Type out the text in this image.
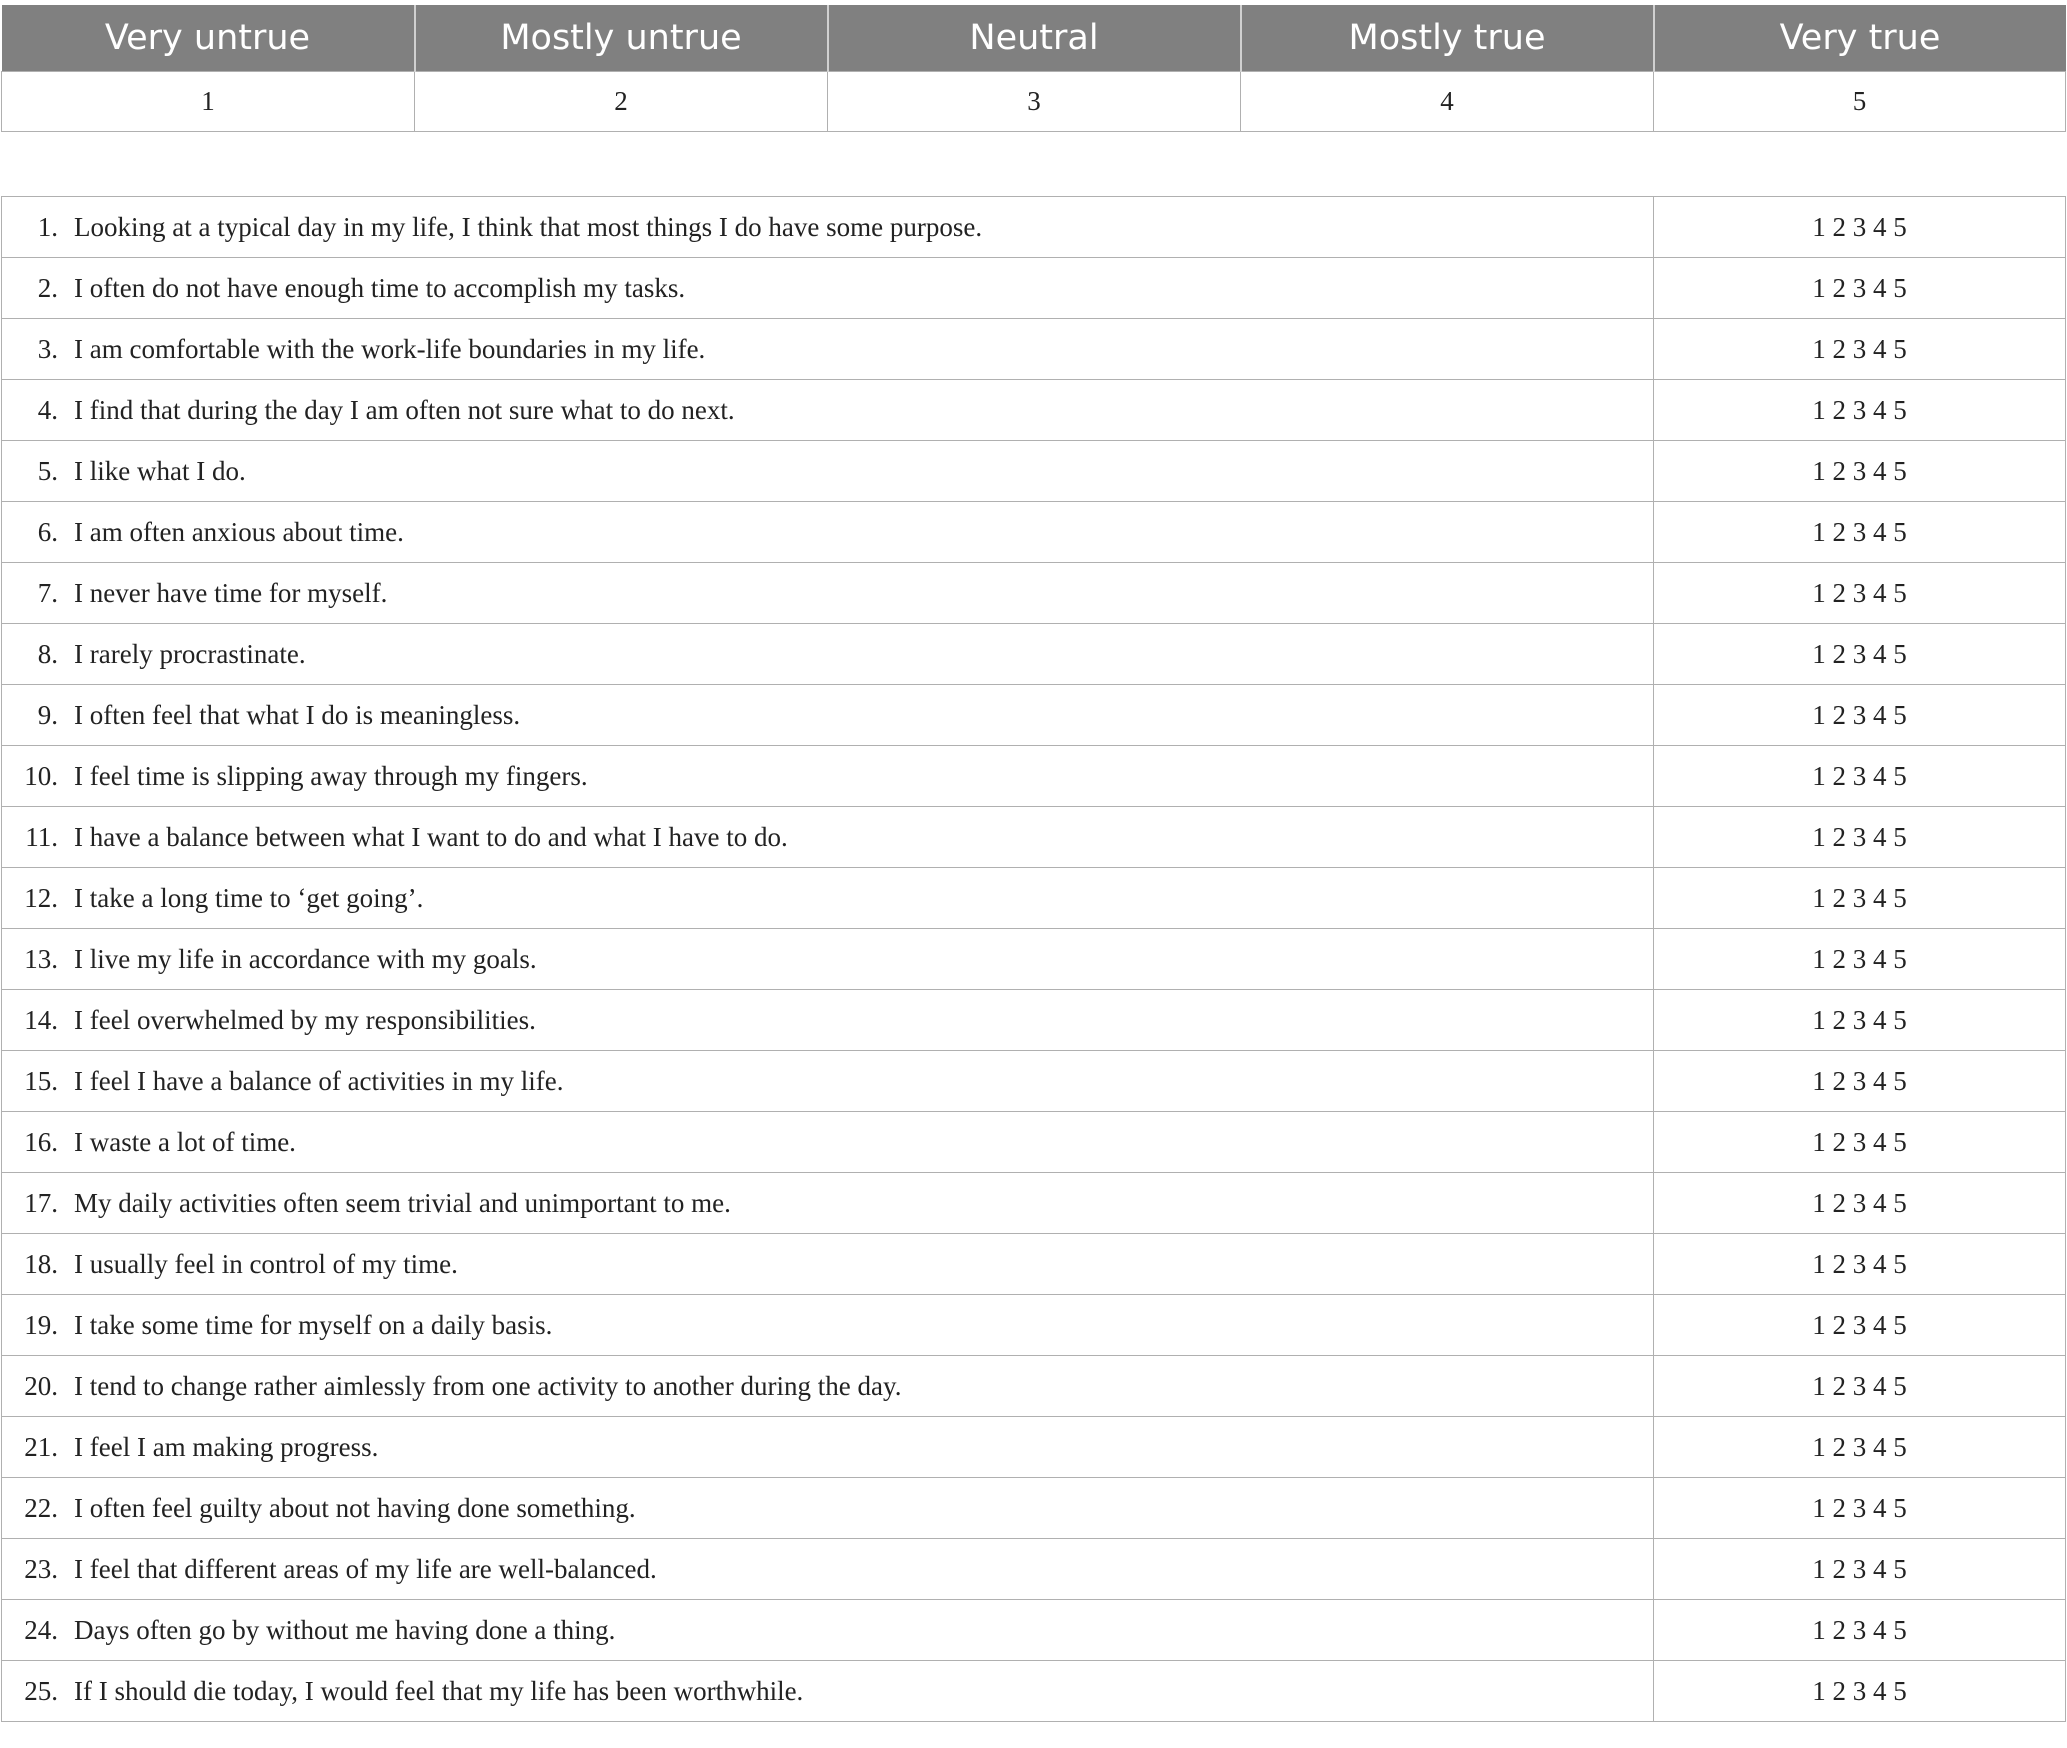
Very untrue	Mostly untrue	Neutral	Mostly true	Very true
1	2	3	4	5
1. Looking at a typical day in my life, I think that most things I do have some purpose.	1 2 3 4 5
2. I often do not have enough time to accomplish my tasks.	1 2 3 4 5
3. I am comfortable with the work-life boundaries in my life.	1 2 3 4 5
4. I find that during the day I am often not sure what to do next.	1 2 3 4 5
5. I like what I do.	1 2 3 4 5
6. I am often anxious about time.	1 2 3 4 5
7. I never have time for myself.	1 2 3 4 5
8. I rarely procrastinate.	1 2 3 4 5
9. I often feel that what I do is meaningless.	1 2 3 4 5
10. I feel time is slipping away through my fingers.	1 2 3 4 5
11. I have a balance between what I want to do and what I have to do.	1 2 3 4 5
12. I take a long time to ‘get going’.	1 2 3 4 5
13. I live my life in accordance with my goals.	1 2 3 4 5
14. I feel overwhelmed by my responsibilities.	1 2 3 4 5
15. I feel I have a balance of activities in my life.	1 2 3 4 5
16. I waste a lot of time.	1 2 3 4 5
17. My daily activities often seem trivial and unimportant to me.	1 2 3 4 5
18. I usually feel in control of my time.	1 2 3 4 5
19. I take some time for myself on a daily basis.	1 2 3 4 5
20. I tend to change rather aimlessly from one activity to another during the day.	1 2 3 4 5
21. I feel I am making progress.	1 2 3 4 5
22. I often feel guilty about not having done something.	1 2 3 4 5
23. I feel that different areas of my life are well-balanced.	1 2 3 4 5
24. Days often go by without me having done a thing.	1 2 3 4 5
25. If I should die today, I would feel that my life has been worthwhile.	1 2 3 4 5
